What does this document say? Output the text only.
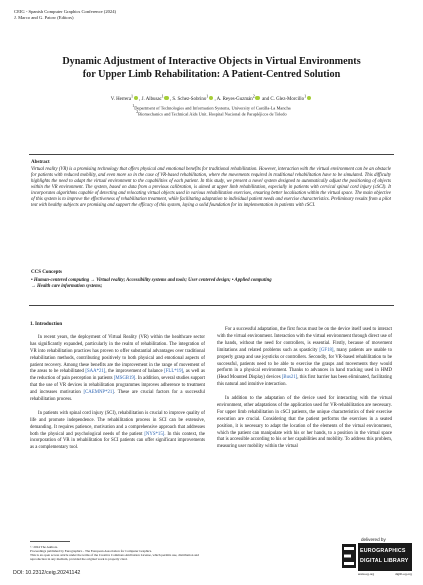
CEIG - Spanish Computer Graphics Conference (2024)
J. Marco and G. Patow (Editors)
Dynamic Adjustment of Interactive Objects in Virtual Environments
for Upper Limb Rehabilitation: A Patient-Centred Solution
V. Herrera$^1$, J. Albusac$^1$, S. Schez-Sobrino$^1$, A. Reyes-Guzmán$^2$ and C. Glez-Morcillo$^1$
$^1$Department of Technologies and Information Systems, University of Castilla-La Mancha
$^2$Biomechanics and Technical Aids Unit. Hospital Nacional de Parapléjicos de Toledo
Abstract
Virtual reality (VR) is a promising technology that offers physical and emotional benefits for traditional rehabilitation. However, interaction with the virtual environment can be an obstacle for patients with reduced mobility, and even more so in the case of VR-based rehabilitation, where the movements required in traditional rehabilitation have to be simulated. This difficulty highlights the need to adapt the virtual environment to the capabilities of each patient. In this study, we present a novel system designed to automatically adjust the positioning of objects within the VR environment. The system, based on data from a previous calibration, is aimed at upper limb rehabilitation, especially in patients with cervical spinal cord injury (cSCI). It incorporates algorithms capable of detecting and relocating virtual objects used in various rehabilitation exercises, ensuring better localisation within the virtual space. The main objective of this system is to improve the effectiveness of rehabilitation treatment, while facilitating adaptation to individual patient needs and exercise characteristics. Preliminary results from a pilot test with healthy subjects are promising and support the efficacy of this system, laying a solid foundation for its implementation in patients with cSCI.
CCS Concepts
• Human-centered computing → Virtual reality; Accessibility systems and tools; User centered design; • Applied computing
→ Health care information systems;
1. Introduction

In recent years, the deployment of Virtual Reality (VR) within the healthcare sector has significantly expanded, particularly in the realm of rehabilitation. The integration of VR into rehabilitation practices has proven to offer substantial advantages over traditional rehabilitation methods, contributing positively to both physical and emotional aspects of patient recovery. Among these benefits are the improvement in the range of movement of the areas to be rehabilitated [SAA*21], the improvement of balance [FLL*19], as well as the reduction of pain perception in patients [MSGB19]. In addition, several studies support that the use of VR devices in rehabilitation programmes improves adherence to treatment and increases motivation [CAEMNP*21]. These are crucial factors for a successful rehabilitation process.

In patients with spinal cord injury (SCI), rehabilitation is crucial to improve quality of life and promote independence. The rehabilitation process in SCI can be extensive, demanding. It requires patience, motivation and a comprehensive approach that addresses both the physical and psychological needs of the patient [NYS*15]. In this context, the incorporation of VR in rehabilitation for SCI patients can offer significant improvements as a complementary tool.

For a successful adaptation, the first focus must be on the device itself used to interact with the virtual environment. Interaction with the virtual environment through direct use of the hands, without the need for controllers, is essential. Firstly, because of movement limitations and related problems such as spasticity [GF18], many patients are unable to properly grasp and use joysticks or controllers. Secondly, for VR-based rehabilitation to be successful, patients need to be able to exercise the grasps and movements they would perform in a physical environment. Thanks to advances in hand tracking used in HMD (Head Mounted Display) devices [Bus21], this first barrier has been eliminated, facilitating this natural and intuitive interaction.

In addition to the adaptation of the device used for interacting with the virtual environment, other adaptations of the application used for VR-rehabilitation are necessary. For upper limb rehabilitation in cSCI patients, the unique characteristics of their exercise execution are crucial. Considering that the patient performs the exercises in a seated position, it is necessary to adapt the location of the elements of the virtual environment, which the patient can manipulate with his or her hands, to a position in the virtual space that is accessible according to his or her capabilities and mobility. To address this problem, measuring user mobility within the virtual

© 2024 The Authors.
Proceedings published by Eurographics - The European Association for Computer Graphics.
This is an open access article under the terms of the Creative Commons Attribution License, which permits use, distribution and reproduction in any medium, provided the original work is properly cited.
DOI: 10.2312/ceig.20241142
delivered by
EUROGRAPHICS
DIGITAL LIBRARY
www.eg.org	diglib.eg.org
